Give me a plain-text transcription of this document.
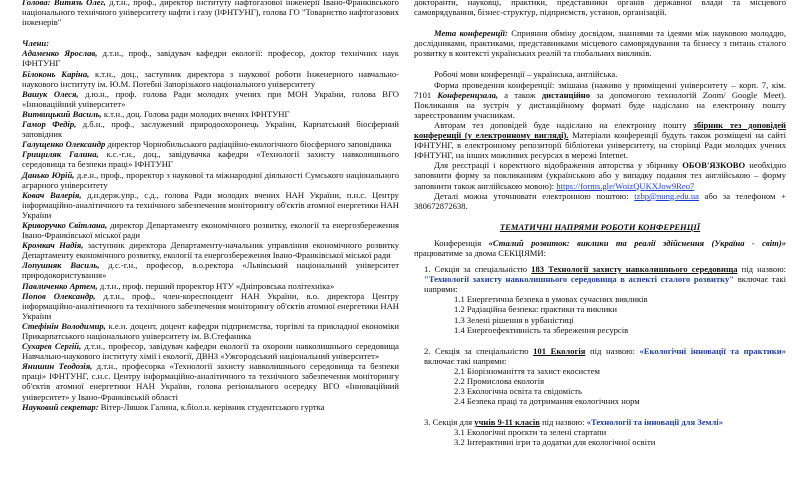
Голова: Витязь Олег, д.т.н., проф., директор інституту нафтогазової інженерії Івано-Франківського національного технічного університету нафти і газу (ІФНТУНГ), голова ГО "Товариство нафтогазових інженерів"

Члени:

Адаменко Ярослав, д.т.н., проф., завідувач кафедри екології: професор, доктор технічних наук ІФНТУНГ

Білоконь Каріна, к.т.н., доц., заступник директора з наукової роботи Інженерного навчально-наукового інституту ім. Ю.М. Потебні Запорізького національного університету

Вашук Олеся, д.ю.н., проф. голова Ради молодих учених при МОН України, голова ВГО «Інноваційний університет»

Витвицький Василь, к.т.н., доц. Голова ради молодих вчених ІФНТУНГ

Гамор Федір, д.б.н., проф., заслужений природоохоронець України, Карпатський біосферний заповідник

Галущенко Олександр директор Чорнобильського радіаційно-екологічного біосферного заповідника

Грищиляк Галина, к.с.-г.н., доц., завідувачка кафедри «Технології захисту навколишнього середовища та безпеки праці» ІФНТУНГ

Данько Юрій, д.е.н., проф., проректор з наукової та міжнародної діяльності Сумського національного аграрного університету

Ковач Валерія, д.н.держ.упр., с.д., голова Ради молодих вчених НАН України, п.н.с. Центру інформаційно-аналітичного та технічного забезпечення моніторингу об'єктів атомної енергетики НАН України

Криворучко Світлана, директор Департаменту економічного розвитку, екології та енергозбереження Івано-Франківської міської ради

Кромкач Надія, заступник директора Департаменту-начальник управління економічного розвитку Департаменту економічного розвитку, екології та енергозбереження Івано-Франківської міської ради

Лопушняк Василь, д.с.-г.н., професор, в.о.ректора «Львівський національний університет природокористування»

Павличенко Артем, д.т.н., проф. перший проректор НТУ «Дніпровська політехніка»

Попов Олександр, д.т.н., проф., член-кореспондент НАН України, в.о. директора Центру інформаційно-аналітичного та технічного забезпечення моніторингу об'єктів атомної енергетики НАН України

Стефінін Володимир, к.е.н. доцент, доцент кафедри підприємства, торгівлі та прикладної економіки Прикарпатського національного університету ім. В.Стефаника

Сухарєв Сергій, д.т.н., професор, завідувач кафедри екології та охорони навколишнього середовища Навчально-наукового інституту хімії і екології, ДВНЗ «Ужгородський національний університет»

Янишин Теодозія, д.т.н., професорка «Технології захисту навколишнього середовища та безпеки праці» ІФНТУНГ, с.н.с. Центру інформаційно-аналітичного та технічного забезпечення моніторингу об'єктів атомної енергетики НАН України, голова регіонального осередку ВГО «Інноваційний університет» у Івано-Франківській області

Науковий секретар: Вітер-Ляшок Галина, к.біол.н. керівник студентського гуртка

докторанти, науковці, практики, представники органів державної влади та місцевого самоврядування, бізнес-структур, підприємств, установ, організацій.

Мета конференції: Сприяння обміну досвідом, знаннями та ідеями між науковою молоддю, дослідниками, практиками, представниками місцевого самоврядування та бізнесу з питань сталого розвитку в контексті українських реалій та глобальних викликів.

Робочі мови конференції – українська, англійська.

Форма проведення конференції: змішана (наживо у приміщенні університету – корп. 7, кім. 7101 Конференцзала, а також дистанційно за допомогою технологій Zoom/ Google Meet). Покликання на зустріч у дистанційному форматі буде надіслано на електронну пошту зареєстрованим учасникам.

Авторам тез доповідей буде надіслано на електронну пошту збірник тез доповідей конференції (у електронному вигляді). Матеріали конференції будуть також розміщені на сайті ІФНТУНГ, в електронному репозиторії бібліотеки університету, на сторінці Ради молодих учених ІФНТУНГ, на інших можливих ресурсах в мережі Internet.

Для реєстрації і коректного відображення авторства у збірнику ОБОВ'ЯЗКОВО необхідно заповнити форму за покликанням (українською або у випадку подання тез англійською – форму заповнити також англійською мовою): https://forms.gle/WoizQUKXJow9Reo7

Деталі можна уточнювати електронною поштою: tzbp@nung.edu.ua або за телефоном + 380672872638.

ТЕМАТИЧНІ НАПРЯМИ РОБОТИ КОНФЕРЕНЦІЇ

Конференція «Сталий розвиток: виклики та реалії здійснення (Україна - світ)» працюватиме за двома СЕКЦІЯМИ:

1. Секція за спеціальністю 183 Технології захисту навколишнього середовища під назвою: "Технології захисту навколишнього середовища в аспекті сталого розвитку" включає такі напрями:

1.1 Енергетична безпека в умовах сучасних викликів
1.2 Радіаційна безпека: практики та виклики
1.3 Зелені рішення в урбаністиці
1.4 Енергоефективність та збереження ресурсів

2. Секція за спеціальністю 101 Екологія під назвою: «Екологічні інновації та практики» включає такі напрями:

2.1 Біорізноманіття та захист екосистем
2.2 Промислова екологія
2.3 Екологічна освіта та свідомість
2.4 Безпека праці та дотримання екологічних норм

3. Секція для учнів 9-11 класів під назвою: «Технології та інновації для Землі»

3.1 Екологічні проєкти та зелені стартапи
3.2 Інтерактивні ігри та додатки для екологічної освіти
